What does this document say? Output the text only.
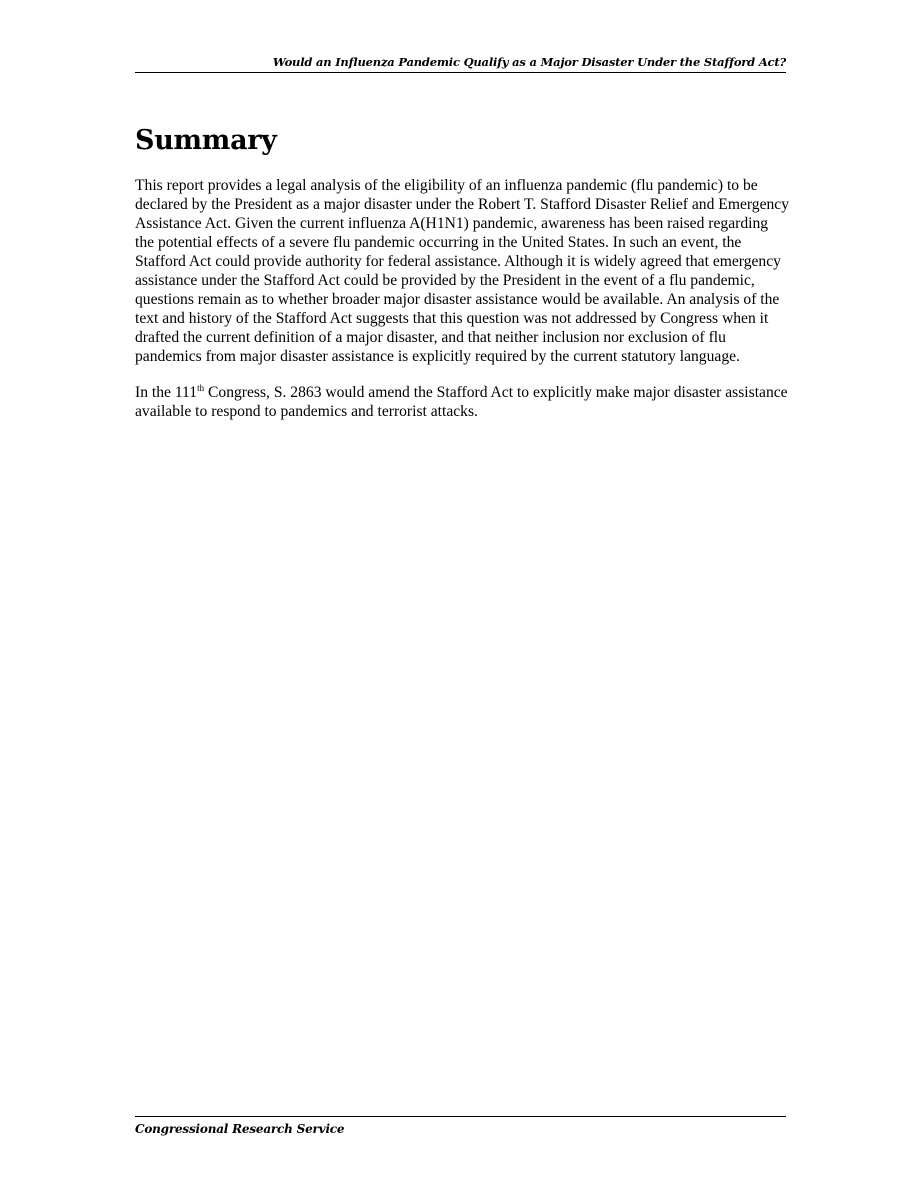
Would an Influenza Pandemic Qualify as a Major Disaster Under the Stafford Act?
Summary

This report provides a legal analysis of the eligibility of an influenza pandemic (flu pandemic) to be declared by the President as a major disaster under the Robert T. Stafford Disaster Relief and Emergency Assistance Act. Given the current influenza A(H1N1) pandemic, awareness has been raised regarding the potential effects of a severe flu pandemic occurring in the United States. In such an event, the Stafford Act could provide authority for federal assistance. Although it is widely agreed that emergency assistance under the Stafford Act could be provided by the President in the event of a flu pandemic, questions remain as to whether broader major disaster assistance would be available. An analysis of the text and history of the Stafford Act suggests that this question was not addressed by Congress when it drafted the current definition of a major disaster, and that neither inclusion nor exclusion of flu pandemics from major disaster assistance is explicitly required by the current statutory language.

In the 111th Congress, S. 2863 would amend the Stafford Act to explicitly make major disaster assistance available to respond to pandemics and terrorist attacks.

Congressional Research Service
